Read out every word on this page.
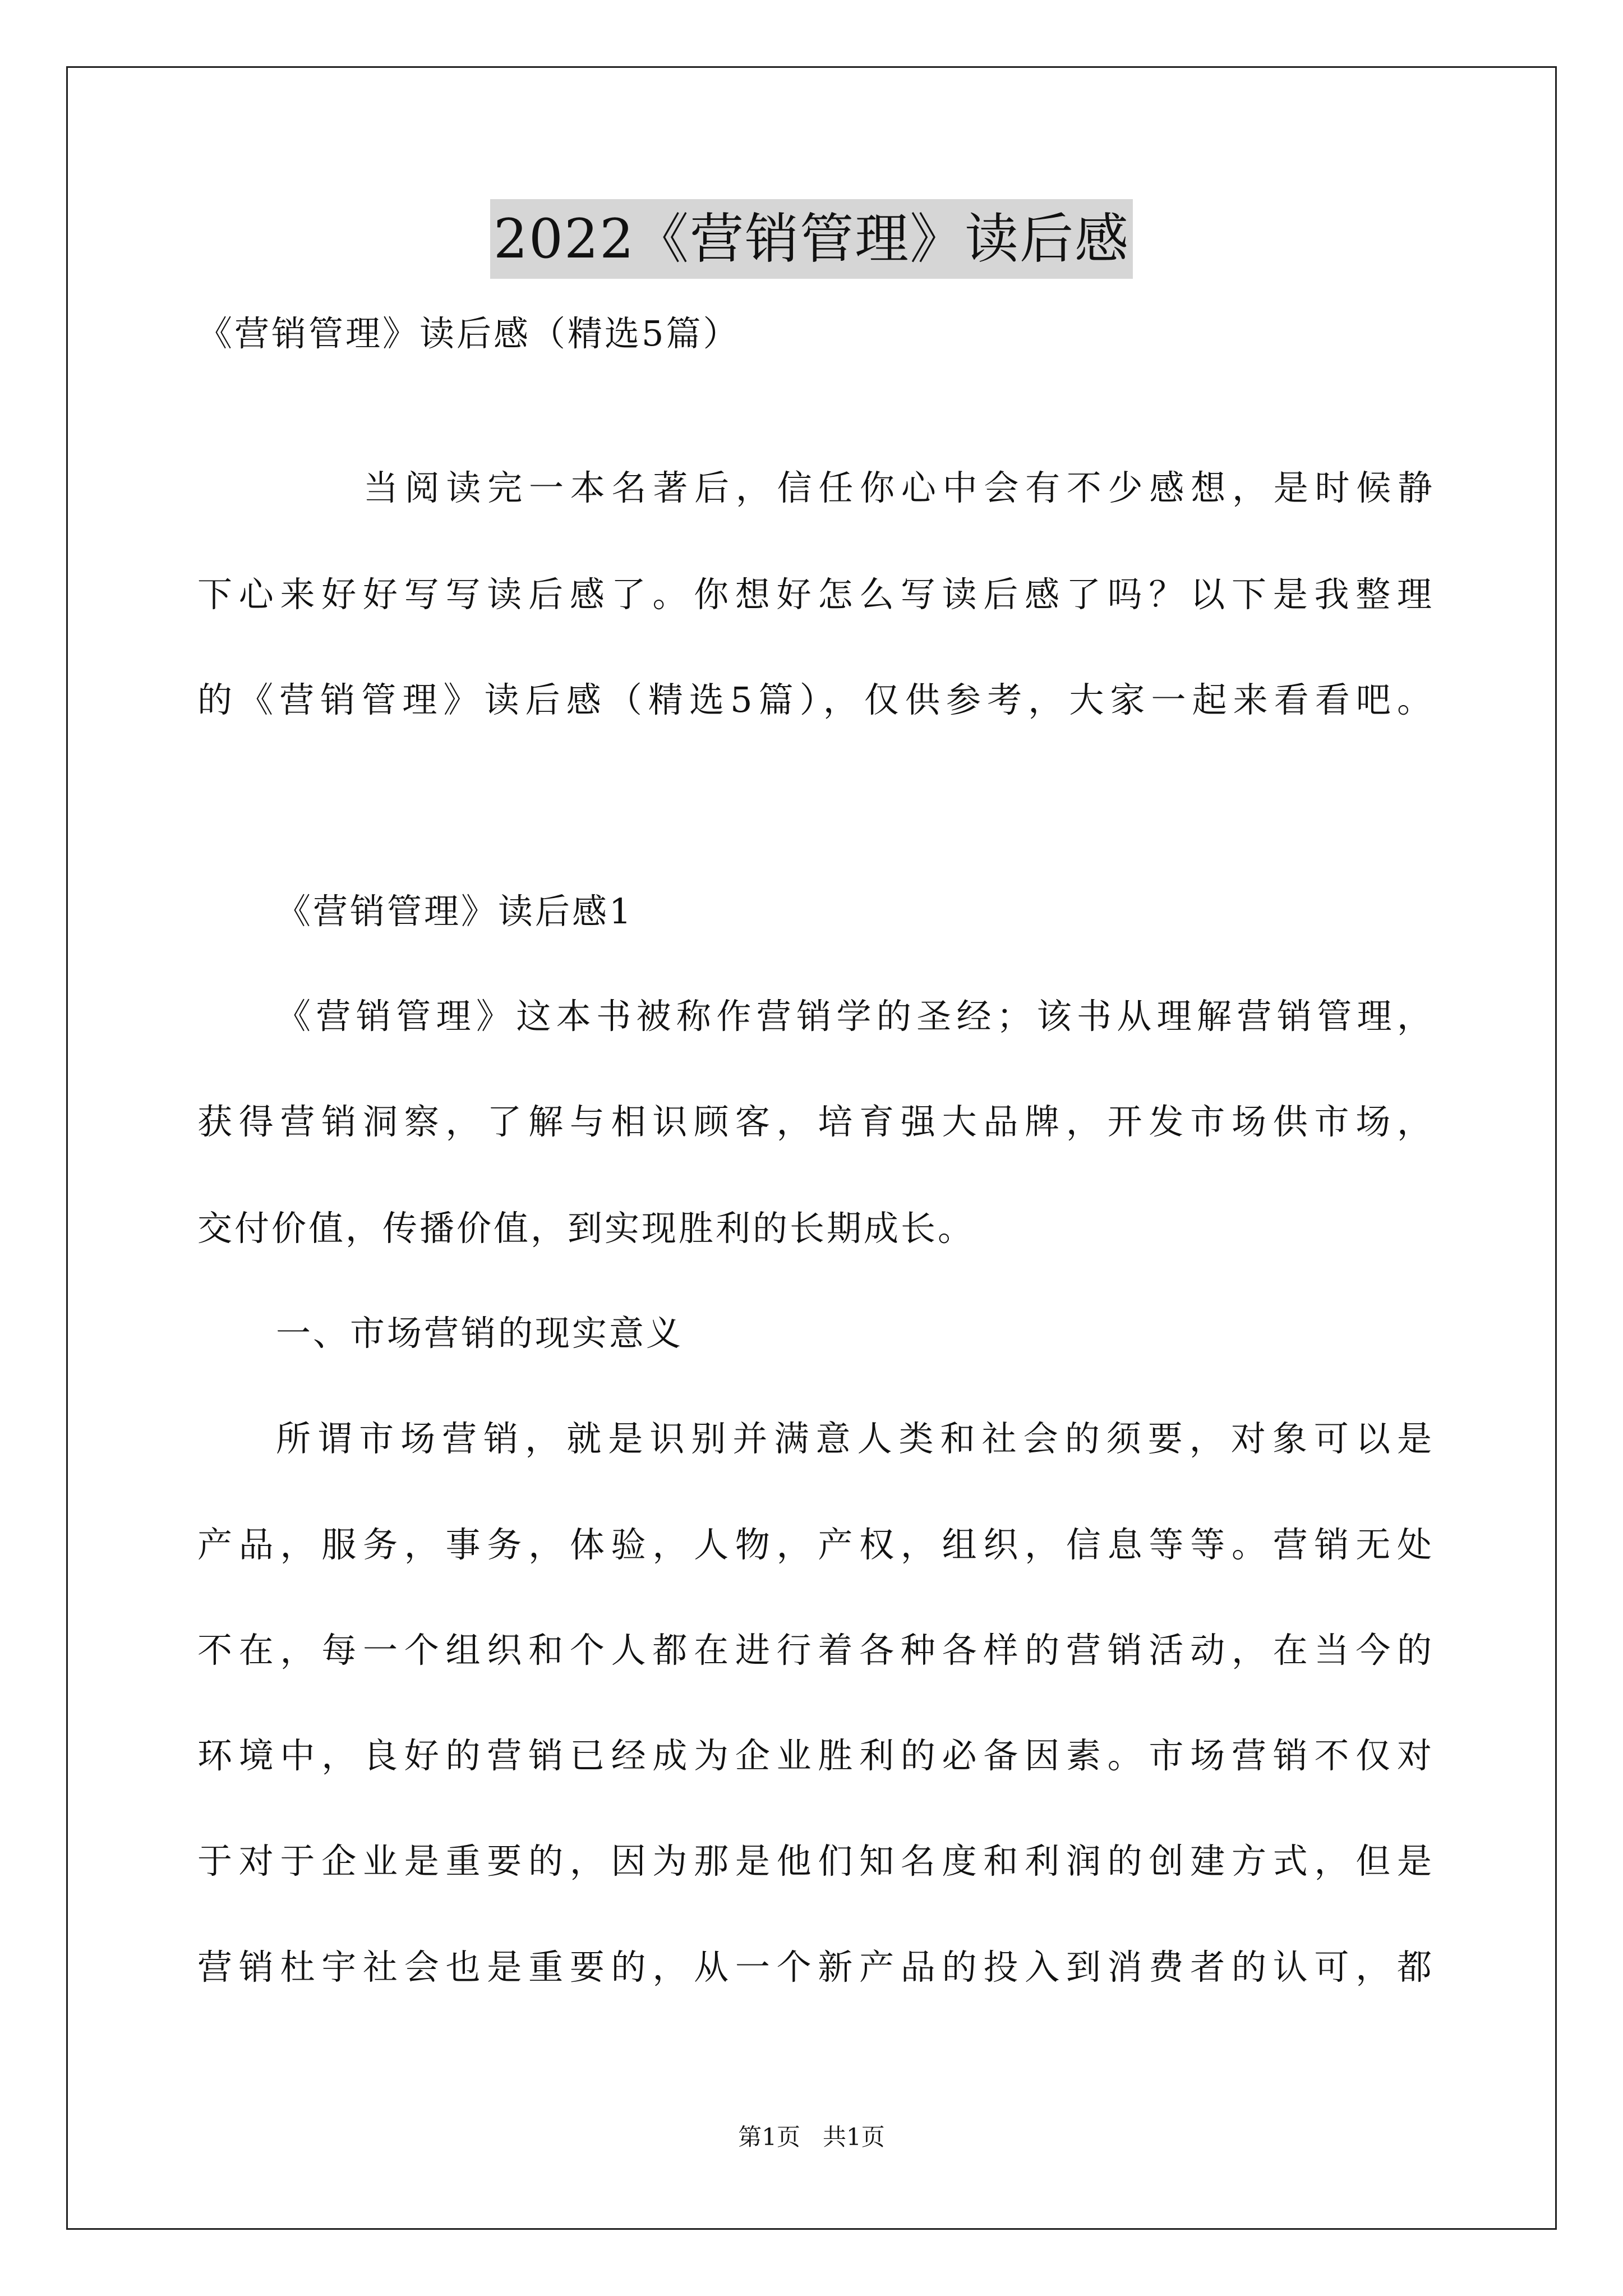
2022《营销管理》读后感
《营销管理》读后感（精选5篇）
当阅读完一本名著后，信任你心中会有不少感想，是时候静
下心来好好写写读后感了。你想好怎么写读后感了吗？以下是我整理
的《营销管理》读后感（精选5篇），仅供参考，大家一起来看看吧。
《营销管理》读后感1
《营销管理》这本书被称作营销学的圣经；该书从理解营销管理，
获得营销洞察，了解与相识顾客，培育强大品牌，开发市场供市场，
交付价值，传播价值，到实现胜利的长期成长。
一、市场营销的现实意义
所谓市场营销，就是识别并满意人类和社会的须要，对象可以是
产品，服务，事务，体验，人物，产权，组织，信息等等。营销无处
不在，每一个组织和个人都在进行着各种各样的营销活动，在当今的
环境中，良好的营销已经成为企业胜利的必备因素。市场营销不仅对
于对于企业是重要的，因为那是他们知名度和利润的创建方式，但是
营销杜宇社会也是重要的，从一个新产品的投入到消费者的认可，都
第1页   共1页
